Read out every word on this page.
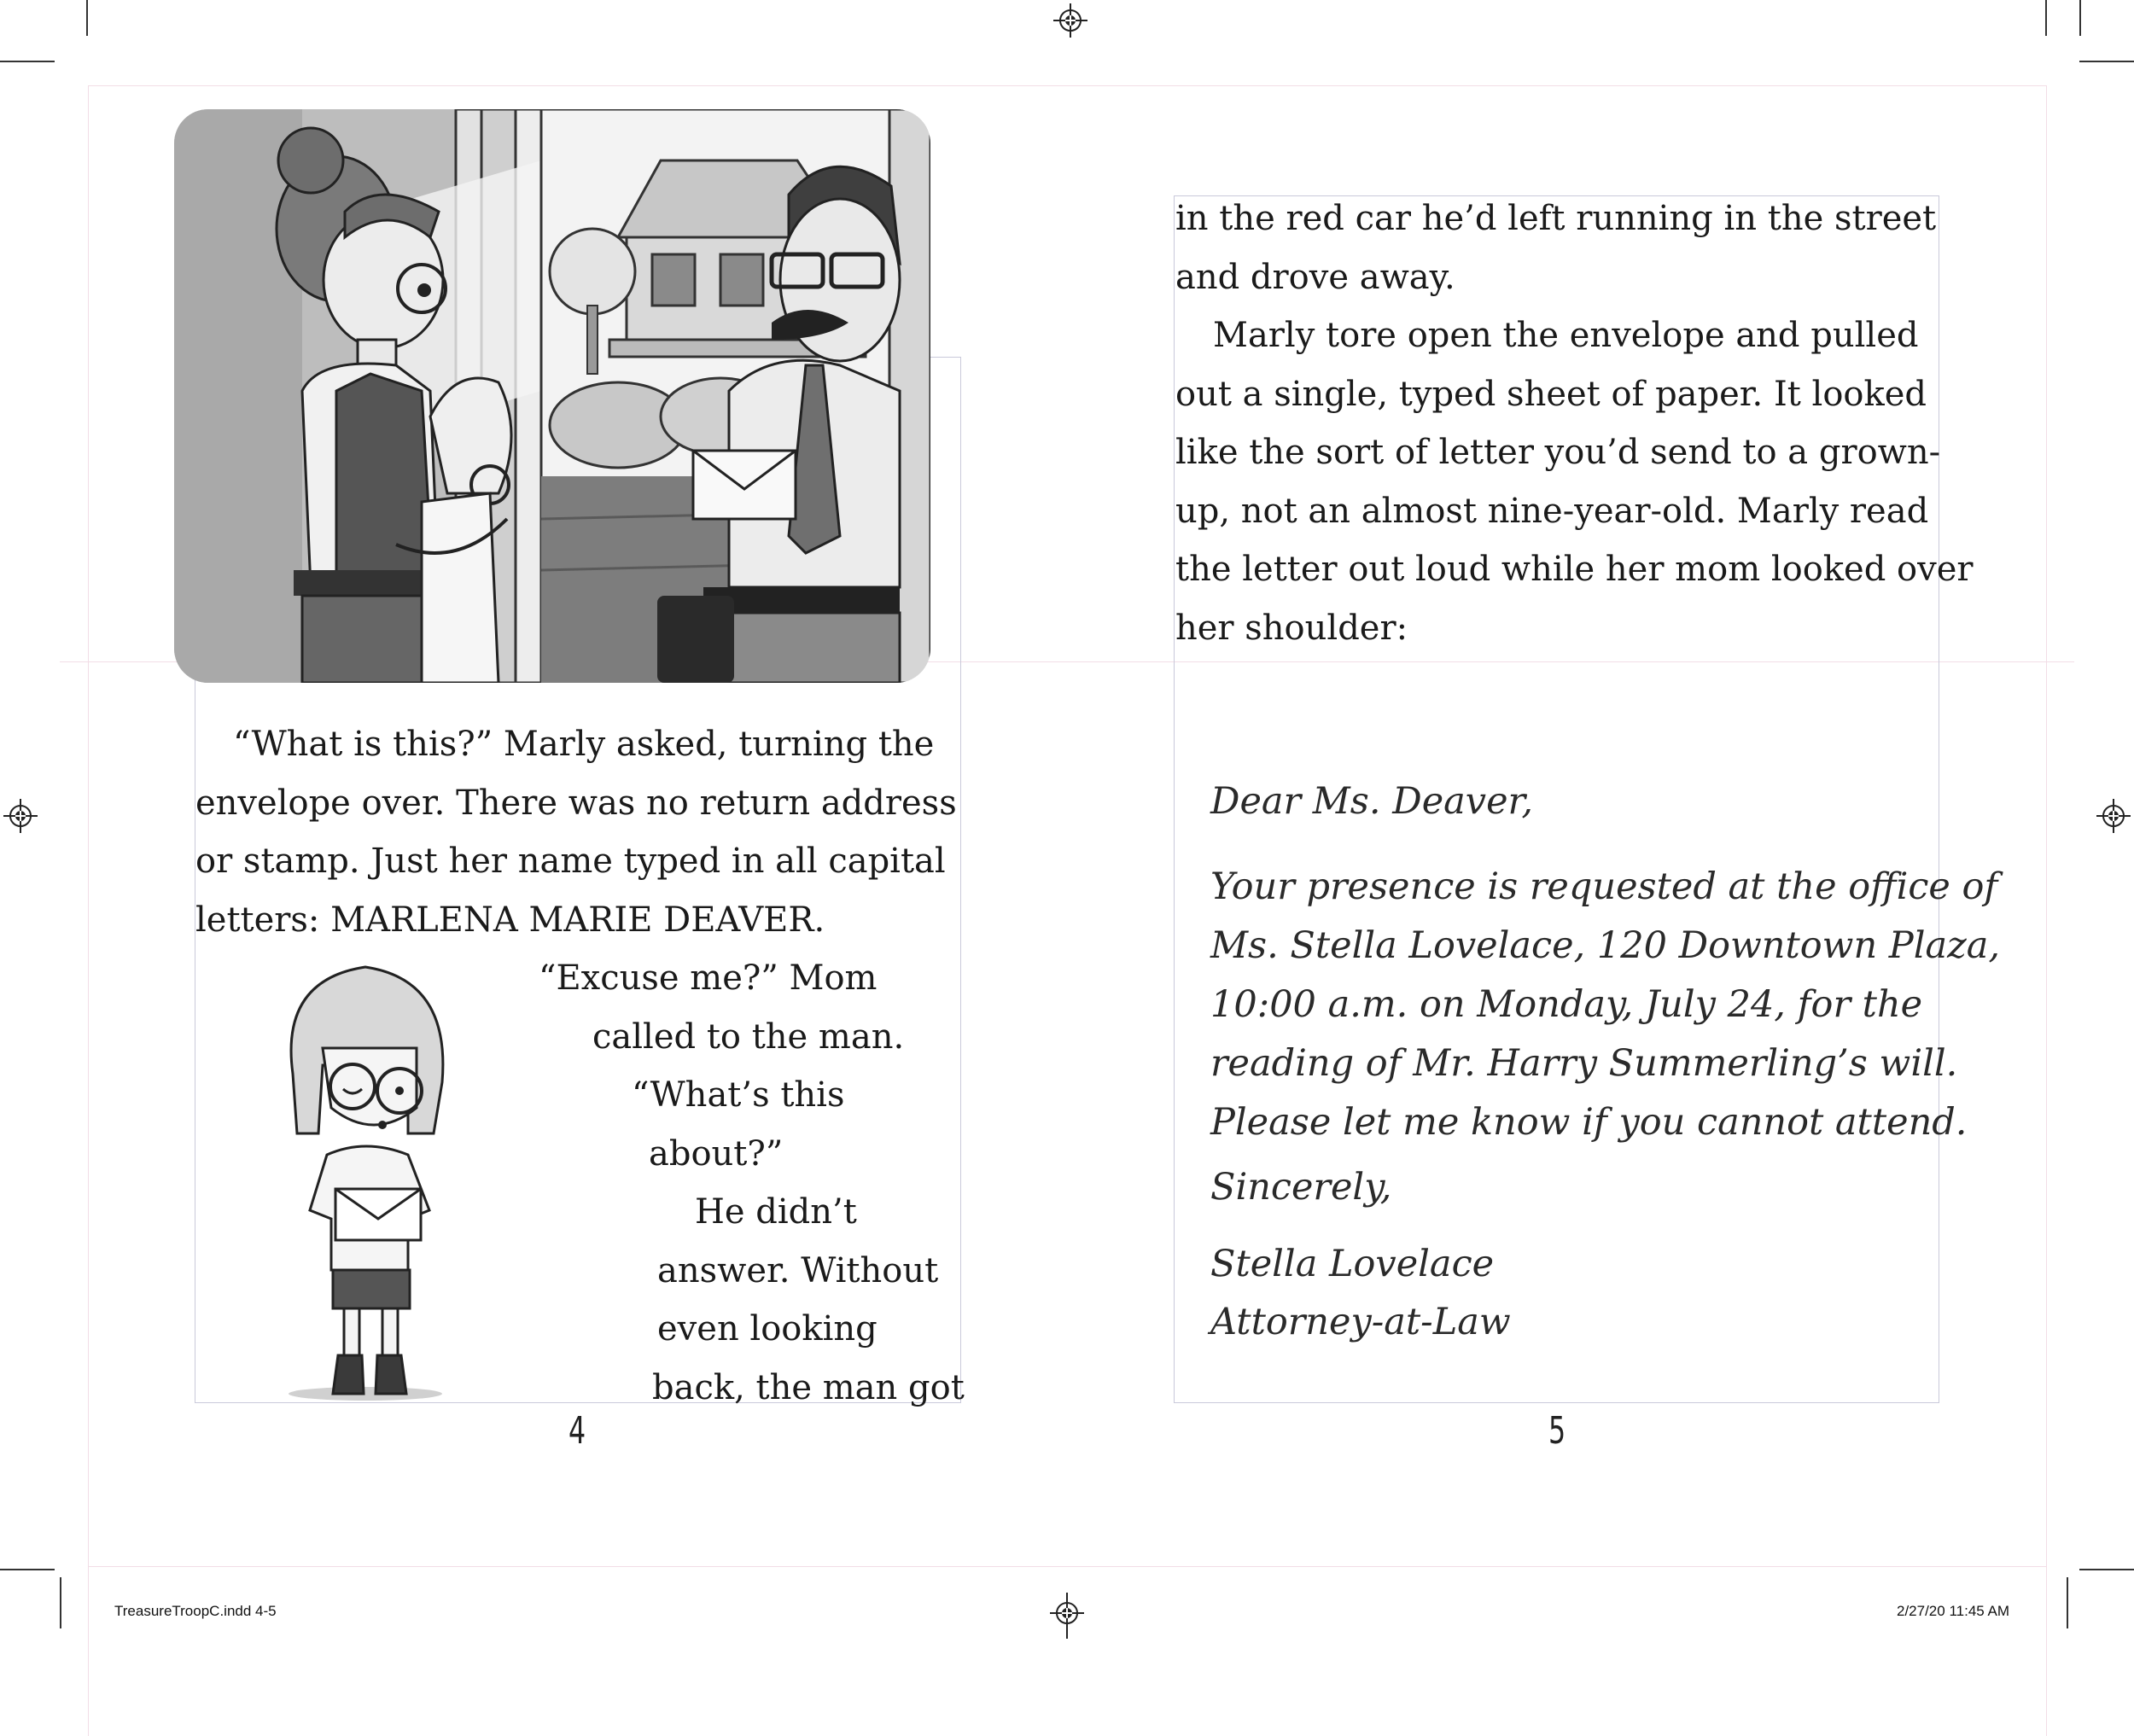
“What is this?” Marly asked, turning the
envelope over. There was no return address
or stamp. Just her name typed in all capital
letters: MARLENA MARIE DEAVER.
“Excuse me?” Mom
called to the man.
“What’s this
about?”
He didn’t
answer. Without
even looking
back, the man got
4
in the red car he’d left running in the street
and drove away.
Marly tore open the envelope and pulled
out a single, typed sheet of paper. It looked
like the sort of letter you’d send to a grown-
up, not an almost nine-year-old. Marly read
the letter out loud while her mom looked over
her shoulder:
Dear Ms. Deaver,
Your presence is requested at the office of
Ms. Stella Lovelace, 120 Downtown Plaza,
10:00 a.m. on Monday, July 24, for the
reading of Mr. Harry Summerling’s will.
Please let me know if you cannot attend.
Sincerely,
Stella Lovelace
Attorney-at-Law
5
TreasureTroopC.indd 4-5	2/27/20 11:45 AM
